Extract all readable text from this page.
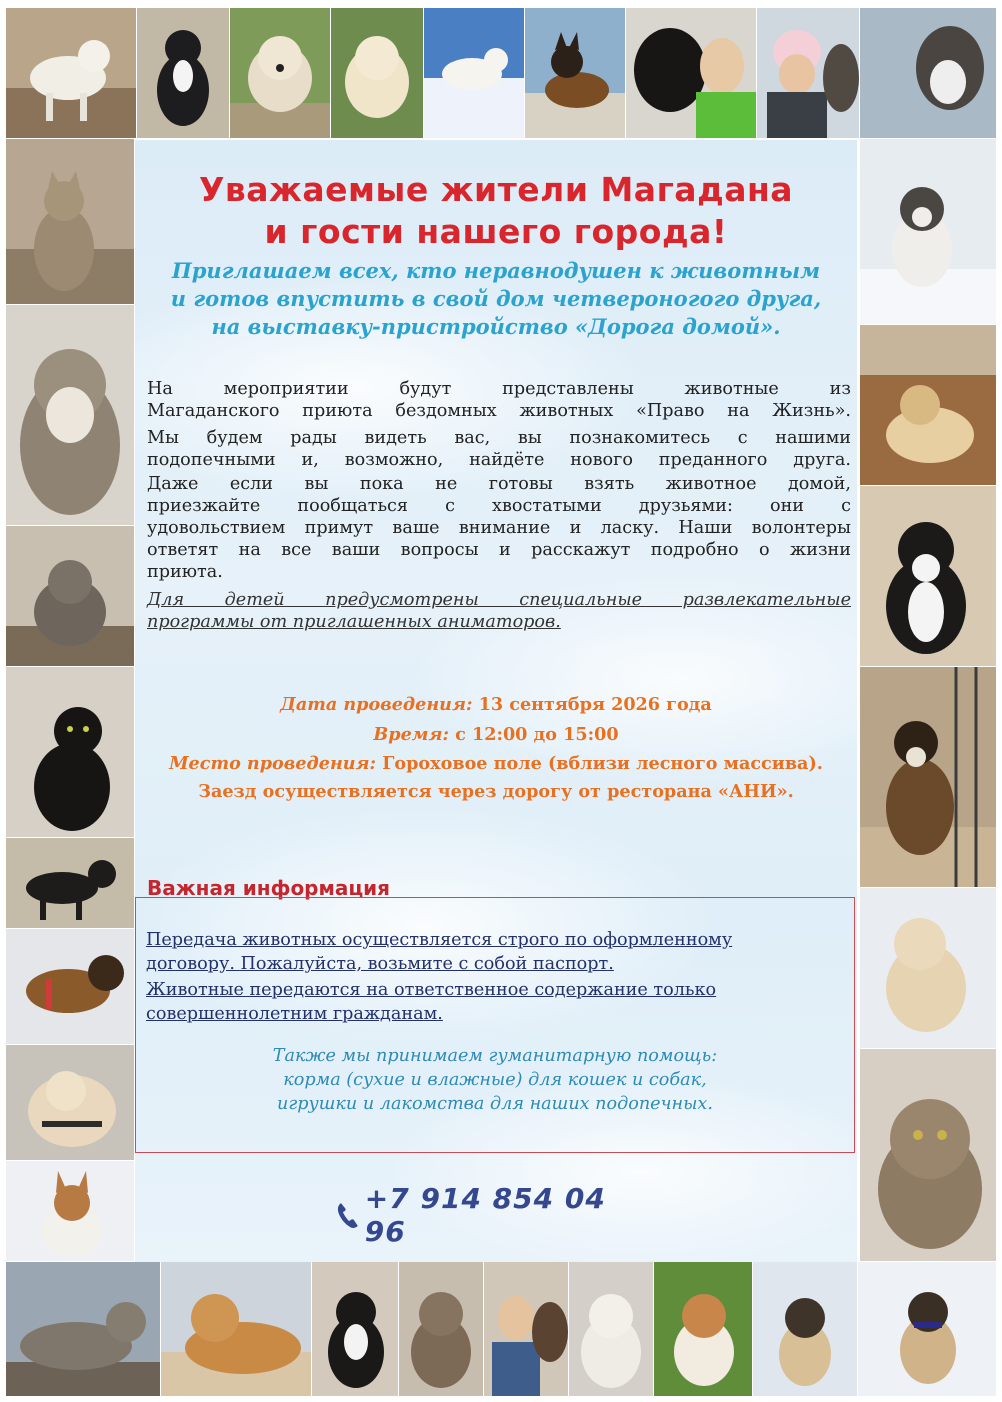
Уважаемые жители Магадана
и гости нашего города!
Приглашаем всех, кто неравнодушен к животным
и готов впустить в свой дом четвероногого друга,
на выставку-пристройство «Дорога домой».
На мероприятии будут представлены животные из
Магаданского приюта бездомных животных «Право на Жизнь».
Мы будем рады видеть вас, вы познакомитесь с нашими
подопечными и, возможно, найдёте нового преданного друга.
Даже если вы пока не готовы взять животное домой,
приезжайте пообщаться с хвостатыми друзьями: они с
удовольствием примут ваше внимание и ласку. Наши волонтеры
ответят на все ваши вопросы и расскажут подробно о жизни
приюта.
Для детей предусмотрены специальные развлекательные
программы от приглашенных аниматоров.
Дата проведения: 13 сентября 2026 года
Время: с 12:00 до 15:00
Место проведения: Гороховое поле (вблизи лесного массива).
Заезд осуществляется через дорогу от ресторана «АНИ».
Важная информация
Передача животных осуществляется строго по оформленному
договору. Пожалуйста, возьмите с собой паспорт.
Животные передаются на ответственное содержание только
совершеннолетним гражданам.
Также мы принимаем гуманитарную помощь:
корма (сухие и влажные) для кошек и собак,
игрушки и лакомства для наших подопечных.
+7 914 854 04 96
